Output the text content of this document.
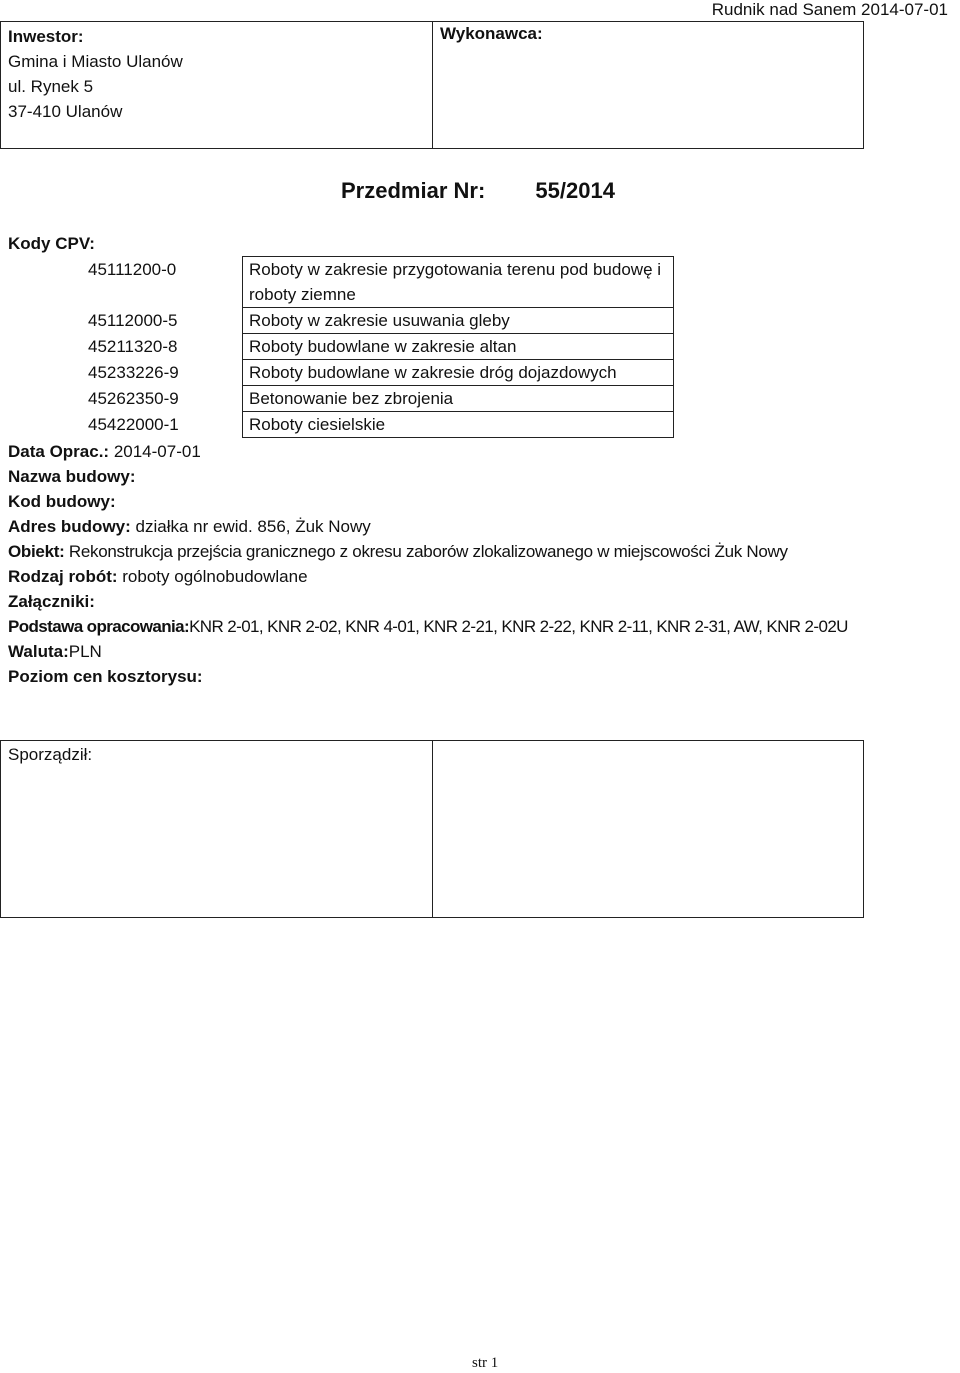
Rudnik nad Sanem 2014-07-01
Inwestor:
Gmina i Miasto Ulanów
ul. Rynek 5
37-410 Ulanów
Wykonawca:
Przedmiar Nr: 55/2014
Kody CPV:
45111200-0	Roboty w zakresie przygotowania terenu pod budowę i roboty ziemne
45112000-5	Roboty w zakresie usuwania gleby
45211320-8	Roboty budowlane w zakresie altan
45233226-9	Roboty budowlane w zakresie dróg dojazdowych
45262350-9	Betonowanie bez zbrojenia
45422000-1	Roboty ciesielskie
Data Oprac.: 2014-07-01
Nazwa budowy:
Kod budowy:
Adres budowy: działka nr ewid. 856, Żuk Nowy
Obiekt: Rekonstrukcja przejścia granicznego z okresu zaborów zlokalizowanego w miejscowości Żuk Nowy
Rodzaj robót: roboty ogólnobudowlane
Załączniki:
Podstawa opracowania:KNR 2-01, KNR 2-02, KNR 4-01, KNR 2-21, KNR 2-22, KNR 2-11, KNR 2-31, AW, KNR 2-02U
Waluta:PLN
Poziom cen kosztorysu:
Sporządził:
str 1
